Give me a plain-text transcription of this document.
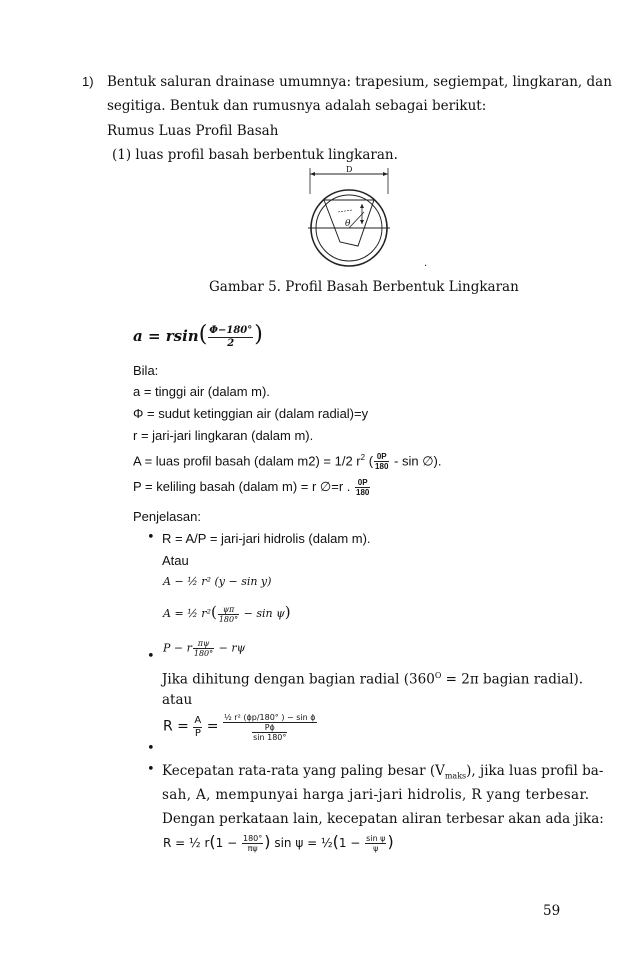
1) Bentuk saluran drainase umumnya: trapesium, segiempat, lingkaran, dan
segitiga. Bentuk dan rumusnya adalah sebagai berikut:
Rumus Luas Profil Basah
(1) luas profil basah berbentuk lingkaran.
D
θ
.
Gambar 5. Profil Basah Berbentuk Lingkaran
$a = rsin( \frac{\Phi-180^\circ}{2}$ )
Bila:
a = tinggi air (dalam m).
Φ = sudut ketinggian air (dalam radial)=y
r = jari-jari lingkaran (dalam m).
A = luas profil basah (dalam m2) = 1/2 $r^2$ ( $\frac{0P}{180}$ - sin ∅).
P = keliling basah (dalam m) = r ∅=r . $\frac{0P}{180}$
Penjelasan:
• R = A/P = jari-jari hidrolis (dalam m).
Atau
A − ½ r² (y − sin y)
A = ½ $r^2( \frac{\psi\pi}{180^\circ} - \sin \psi)$
P − r $\frac{\pi\psi}{180^\circ} - r\psi$
•
Jika dihitung dengan bagian radial ($360^O = 2\pi$ bagian radial).
atau
$R = \frac{A}{P} = \frac{\text{½ r² (ϕp/180° ) − sin ϕ}}{\frac{P\phi}{\sin 180^\circ}}$
•
• Kecepatan rata-rata yang paling besar $(V_{maks})$, jika luas profil ba-
sah, A, mempunyai harga jari-jari hidrolis, R yang terbesar.
Dengan perkataan lain, kecepatan aliran terbesar akan ada jika:
R = ½ $r(1 - \frac{180^\circ}{\pi\psi}$ ) sin ψ = ½(1 − $\frac{\text{sin ψ}}{\psi}$ )
59
